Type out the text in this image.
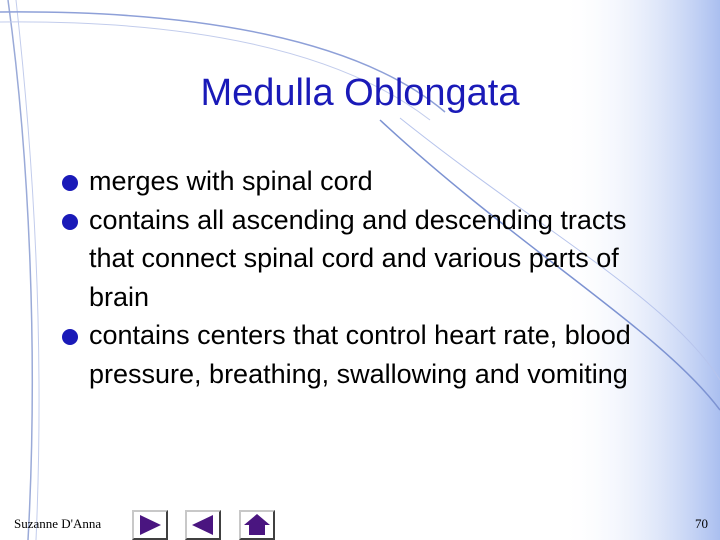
Medulla Oblongata
merges with spinal cord
contains all ascending and descending tracts that connect spinal cord and various parts of brain
contains centers that control heart rate, blood pressure, breathing, swallowing and vomiting
Suzanne D'Anna	70
